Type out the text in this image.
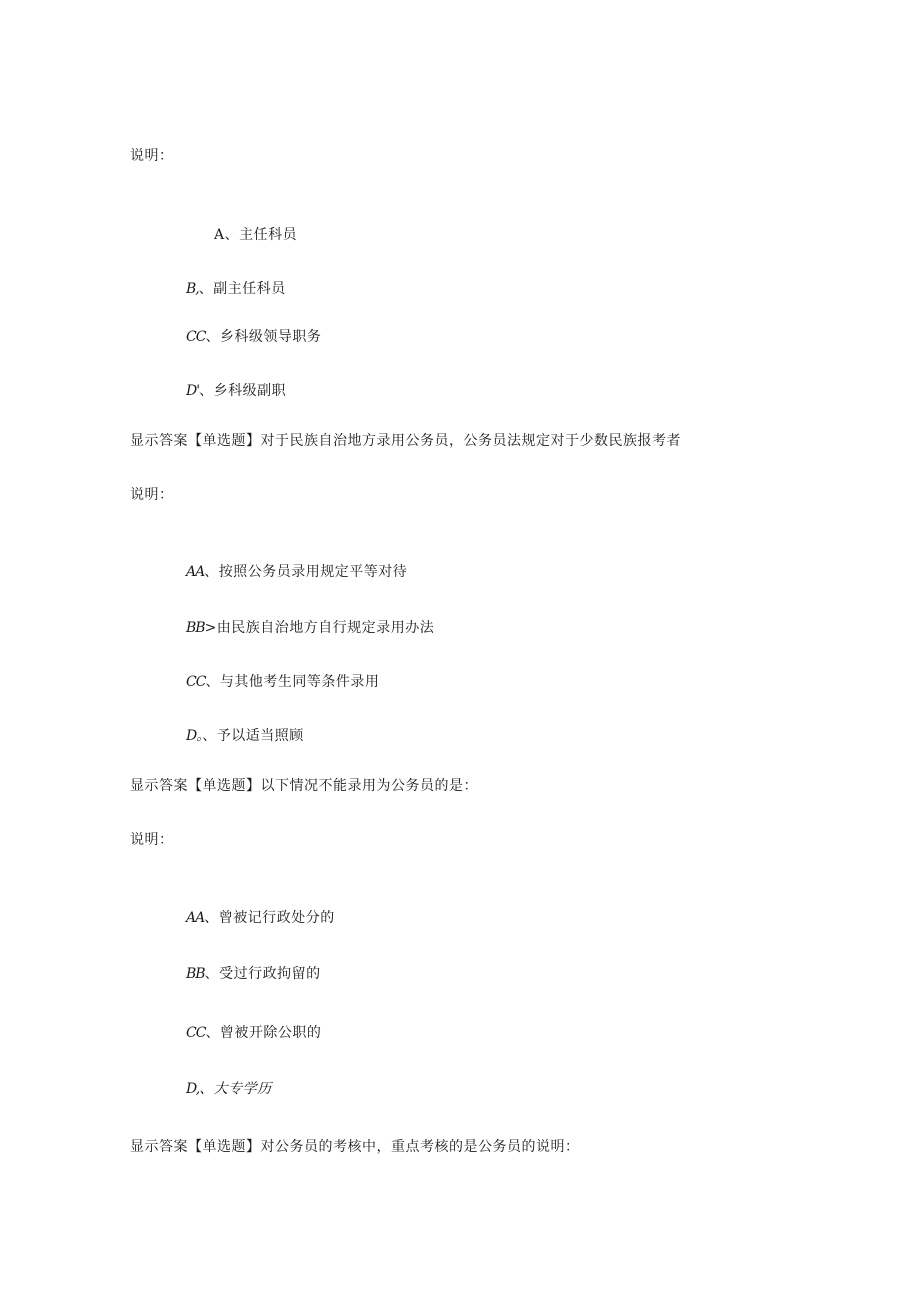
说明：
A、主任科员
B,、副主任科员
CC、乡科级领导职务
D'、乡科级副职
显示答案【单选题】对于民族自治地方录用公务员，公务员法规定对于少数民族报考者
说明：
AA、按照公务员录用规定平等对待
BB>由民族自治地方自行规定录用办法
CC、与其他考生同等条件录用
D。、予以适当照顾
显示答案【单选题】以下情况不能录用为公务员的是：
说明：
AA、曾被记行政处分的
BB、受过行政拘留的
CC、曾被开除公职的
D,、大专学历
显示答案【单选题】对公务员的考核中，重点考核的是公务员的说明：
